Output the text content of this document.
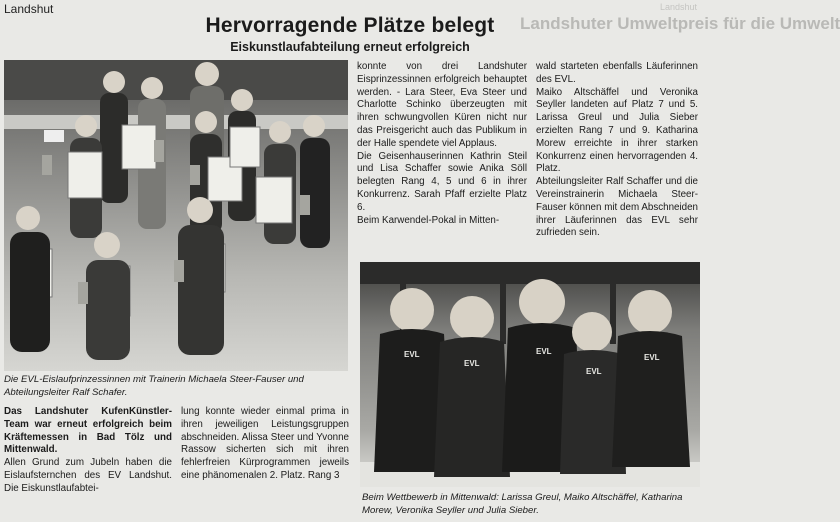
Landshut	Landshut
Landshuter Umweltpreis für die Umwelt
Hervorragende Plätze belegt
Eiskunstlaufabteilung erneut erfolgreich
Die EVL-Eislaufprinzessinnen mit Trainerin Michaela Steer-Fauser und Abteilungsleiter Ralf Schafer.

Das Landshuter KufenKünstler-Team war erneut erfolgreich beim Kräftemessen in Bad Tölz und Mittenwald.

Allen Grund zum Jubeln haben die Eislaufsternchen des EV Landshut. Die Eiskunstlaufabtei-

lung konnte wieder einmal prima in ihren jeweiligen Leistungsgruppen abschneiden. Alissa Steer und Yvonne Rassow sicherten sich mit ihren fehlerfreien Kürprogrammen jeweils eine phänomenalen 2. Platz. Rang 3

konnte von drei Landshuter Eisprinzessinnen erfolgreich behauptet werden. - Lara Steer, Eva Steer und Charlotte Schinko überzeugten mit ihren schwungvollen Küren nicht nur das Preisgericht auch das Publikum in der Halle spendete viel Applaus.

Die Geisenhauserinnen Kathrin Steil und Lisa Schaffer sowie Anika Söll belegten Rang 4, 5 und 6 in ihrer Konkurrenz. Sarah Pfaff erzielte Platz 6.

Beim Karwendel-Pokal in Mitten-

wald starteten ebenfalls Läuferinnen des EVL.

Maiko Altschäffel und Veronika Seyller landeten auf Platz 7 und 5. Larissa Greul und Julia Sieber erzielten Rang 7 und 9. Katharina Morew erreichte in ihrer starken Konkurrenz einen hervorragenden 4. Platz.

Abteilungsleiter Ralf Schaffer und die Vereinstrainerin Michaela Steer-Fauser können mit dem Abschneiden ihrer Läuferinnen das EVL sehr zufrieden sein.

EVL
EVL
EVL
EVL
EVL
Beim Wettbewerb in Mittenwald: Larissa Greul, Maiko Altschäffel, Katharina Morew, Veronika Seyller und Julia Sieber.
